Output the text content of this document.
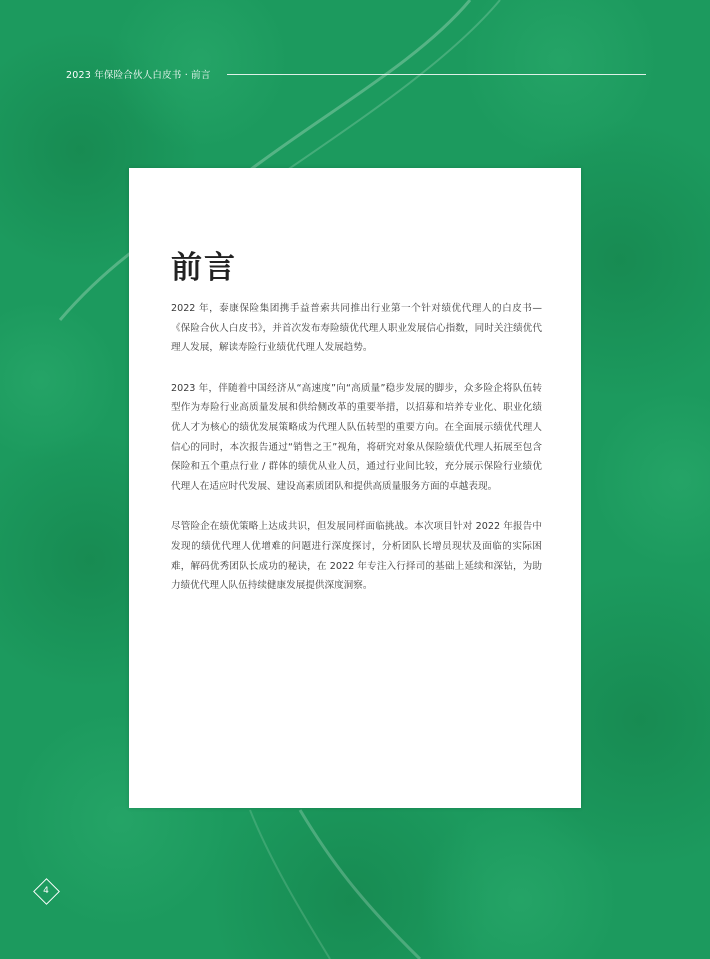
2023 年保险合伙人白皮书 · 前言
前言

2022 年，泰康保险集团携手益普索共同推出行业第一个针对绩优代理人的白皮书—《保险合伙人白皮书》，并首次发布寿险绩优代理人职业发展信心指数，同时关注绩优代理人发展，解读寿险行业绩优代理人发展趋势。

2023 年，伴随着中国经济从“高速度”向“高质量”稳步发展的脚步，众多险企将队伍转型作为寿险行业高质量发展和供给侧改革的重要举措，以招募和培养专业化、职业化绩优人才为核心的绩优发展策略成为代理人队伍转型的重要方向。在全面展示绩优代理人信心的同时，本次报告通过“销售之王”视角，将研究对象从保险绩优代理人拓展至包含保险和五个重点行业 / 群体的绩优从业人员，通过行业间比较，充分展示保险行业绩优代理人在适应时代发展、建设高素质团队和提供高质量服务方面的卓越表现。

尽管险企在绩优策略上达成共识，但发展同样面临挑战。本次项目针对 2022 年报告中发现的绩优代理人优增难的问题进行深度探讨，分析团队长增员现状及面临的实际困难，解码优秀团队长成功的秘诀，在 2022 年专注入行择司的基础上延续和深钻，为助力绩优代理人队伍持续健康发展提供深度洞察。

4
